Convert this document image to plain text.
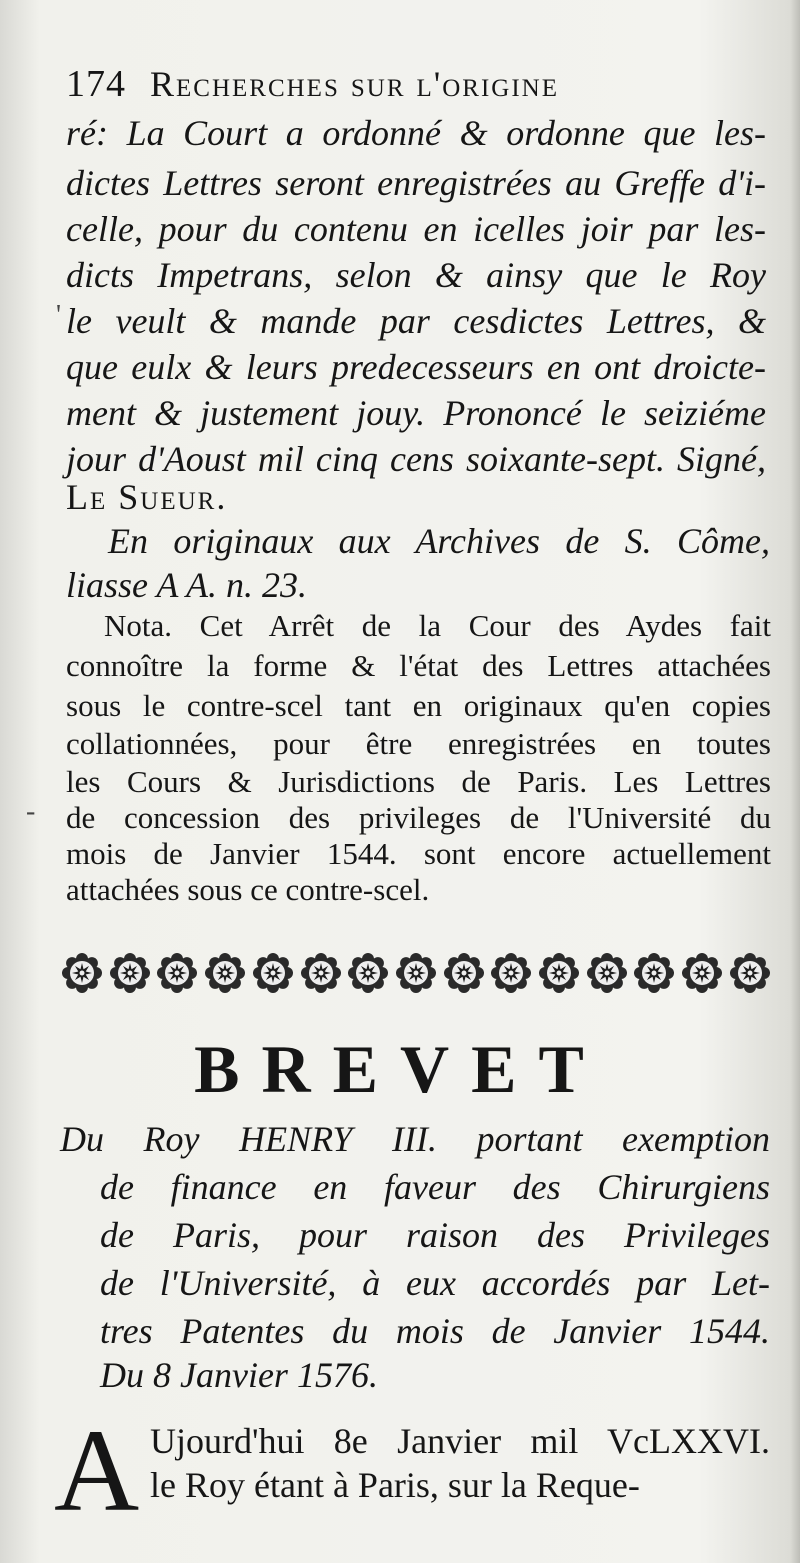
174 Recherches sur l'origine
ré: La Court a ordonné & ordonne que les-
dictes Lettres seront enregistrées au Greffe d'i-
celle, pour du contenu en icelles joir par les-
dicts Impetrans, selon & ainsy que le Roy
le veult & mande par cesdictes Lettres, &
que eulx & leurs predecesseurs en ont droicte-
ment & justement jouy. Prononcé le seiziéme
jour d'Aoust mil cinq cens soixante-sept. Signé,
Le Sueur.
En originaux aux Archives de S. Côme,
liasse A A. n. 23.
Nota. Cet Arrêt de la Cour des Aydes fait
connoître la forme & l'état des Lettres attachées
sous le contre-scel tant en originaux qu'en copies
collationnées, pour être enregistrées en toutes
les Cours & Jurisdictions de Paris. Les Lettres
de concession des privileges de l'Université du
mois de Janvier 1544. sont encore actuellement
attachées sous ce contre-scel.
-
'
BREVET
Du Roy HENRY III. portant exemption
de finance en faveur des Chirurgiens
de Paris, pour raison des Privileges
de l'Université, à eux accordés par Let-
tres Patentes du mois de Janvier 1544.
Du 8 Janvier 1576.
A Ujourd'hui 8e Janvier mil VcLXXVI.
le Roy étant à Paris, sur la Reque-
